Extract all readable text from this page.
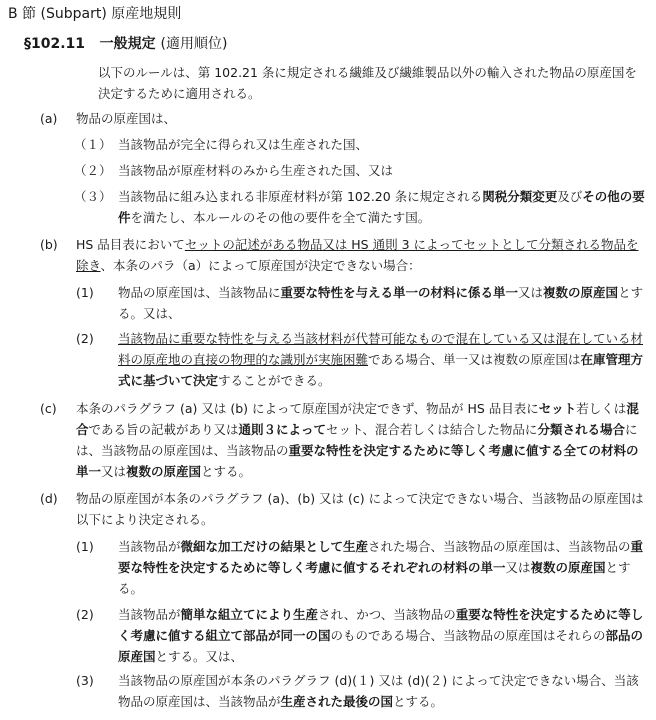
B 節 (Subpart) 原産地規則
§102.11 一般規定 (適用順位)
以下のルールは、第 102.21 条に規定される繊維及び繊維製品以外の輸入された物品の原産国を決定するために適用される。
(a)	物品の原産国は、
（１） 当該物品が完全に得られ又は生産された国、
（２） 当該物品が原産材料のみから生産された国、又は
（３） 当該物品に組み込まれる非原産材料が第 102.20 条に規定される関税分類変更及びその他の要件を満たし、本ルールのその他の要件を全て満たす国。
(b)	HS 品目表においてセットの記述がある物品又は HS 通則 3 によってセットとして分類される物品を除き、本条のパラ（a）によって原産国が決定できない場合：
(1)	物品の原産国は、当該物品に重要な特性を与える単一の材料に係る単一又は複数の原産国とする。又は、
(2)	当該物品に重要な特性を与える当該材料が代替可能なもので混在している又は混在している材料の原産地の直接の物理的な識別が実施困難である場合、単一又は複数の原産国は在庫管理方式に基づいて決定することができる。
(c)	本条のパラグラフ (a) 又は (b) によって原産国が決定できず、物品が HS 品目表にセット若しくは混合である旨の記載があり又は通則３によってセット、混合若しくは結合した物品に分類される場合には、当該物品の原産国は、当該物品の重要な特性を決定するために等しく考慮に値する全ての材料の単一又は複数の原産国とする。
(d)	物品の原産国が本条のパラグラフ (a)、(b) 又は (c) によって決定できない場合、当該物品の原産国は以下により決定される。
(1)	当該物品が微細な加工だけの結果として生産された場合、当該物品の原産国は、当該物品の重要な特性を決定するために等しく考慮に値するそれぞれの材料の単一又は複数の原産国とする。
(2)	当該物品が簡単な組立てにより生産され、かつ、当該物品の重要な特性を決定するために等しく考慮に値する組立て部品が同一の国のものである場合、当該物品の原産国はそれらの部品の原産国とする。又は、
(3)	当該物品の原産国が本条のパラグラフ (d)(１) 又は (d)(２) によって決定できない場合、当該物品の原産国は、当該物品が生産された最後の国とする。
